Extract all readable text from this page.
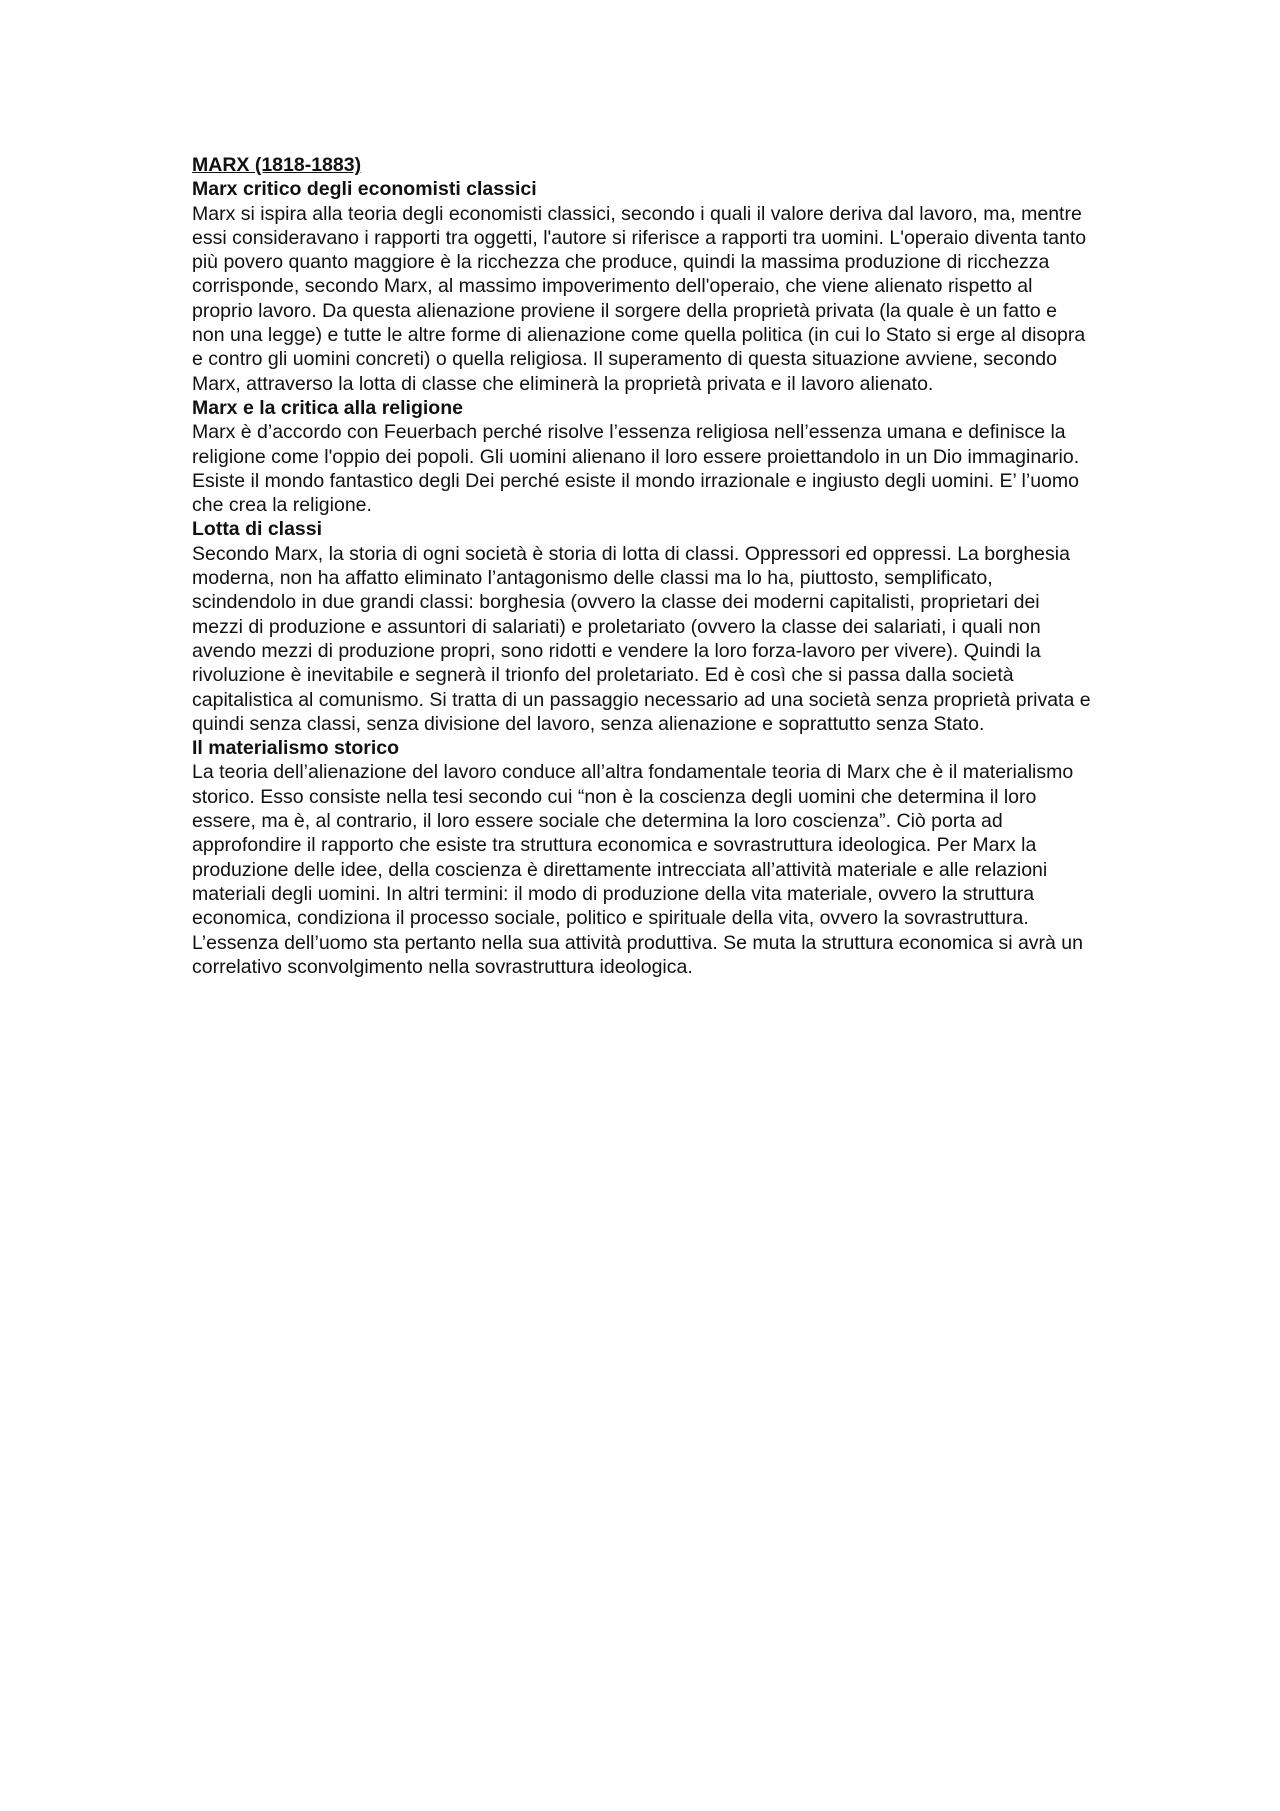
MARX (1818-1883)

Marx critico degli economisti classici

Marx si ispira alla teoria degli economisti classici, secondo i quali il valore deriva dal lavoro, ma, mentre essi consideravano i rapporti tra oggetti, l'autore si riferisce a rapporti tra uomini. L'operaio diventa tanto più povero quanto maggiore è la ricchezza che produce, quindi la massima produzione di ricchezza corrisponde, secondo Marx, al massimo impoverimento dell'operaio, che viene alienato rispetto al proprio lavoro. Da questa alienazione proviene il sorgere della proprietà privata (la quale è un fatto e non una legge) e tutte le altre forme di alienazione come quella politica (in cui lo Stato si erge al disopra e contro gli uomini concreti) o quella religiosa. Il superamento di questa situazione avviene, secondo Marx, attraverso la lotta di classe che eliminerà la proprietà privata e il lavoro alienato.

Marx e la critica alla religione

Marx è d’accordo con Feuerbach perché risolve l’essenza religiosa nell’essenza umana e definisce la religione come l'oppio dei popoli. Gli uomini alienano il loro essere proiettandolo in un Dio immaginario. Esiste il mondo fantastico degli Dei perché esiste il mondo irrazionale e ingiusto degli uomini. E’ l’uomo che crea la religione.

Lotta di classi

Secondo Marx, la storia di ogni società è storia di lotta di classi. Oppressori ed oppressi. La borghesia moderna, non ha affatto eliminato l’antagonismo delle classi ma lo ha, piuttosto, semplificato, scindendolo in due grandi classi: borghesia (ovvero la classe dei moderni capitalisti, proprietari dei mezzi di produzione e assuntori di salariati) e proletariato (ovvero la classe dei salariati, i quali non avendo mezzi di produzione propri, sono ridotti e vendere la loro forza-lavoro per vivere). Quindi la rivoluzione è inevitabile e segnerà il trionfo del proletariato. Ed è così che si passa dalla società capitalistica al comunismo. Si tratta di un passaggio necessario ad una società senza proprietà privata e quindi senza classi, senza divisione del lavoro, senza alienazione e soprattutto senza Stato.

Il materialismo storico

La teoria dell’alienazione del lavoro conduce all’altra fondamentale teoria di Marx che è il materialismo storico. Esso consiste nella tesi secondo cui “non è la coscienza degli uomini che determina il loro essere, ma è, al contrario, il loro essere sociale che determina la loro coscienza”. Ciò porta ad approfondire il rapporto che esiste tra struttura economica e sovrastruttura ideologica. Per Marx la produzione delle idee, della coscienza è direttamente intrecciata all’attività materiale e alle relazioni materiali degli uomini. In altri termini: il modo di produzione della vita materiale, ovvero la struttura economica, condiziona il processo sociale, politico e spirituale della vita, ovvero la sovrastruttura. L’essenza dell’uomo sta pertanto nella sua attività produttiva. Se muta la struttura economica si avrà un correlativo sconvolgimento nella sovrastruttura ideologica.
